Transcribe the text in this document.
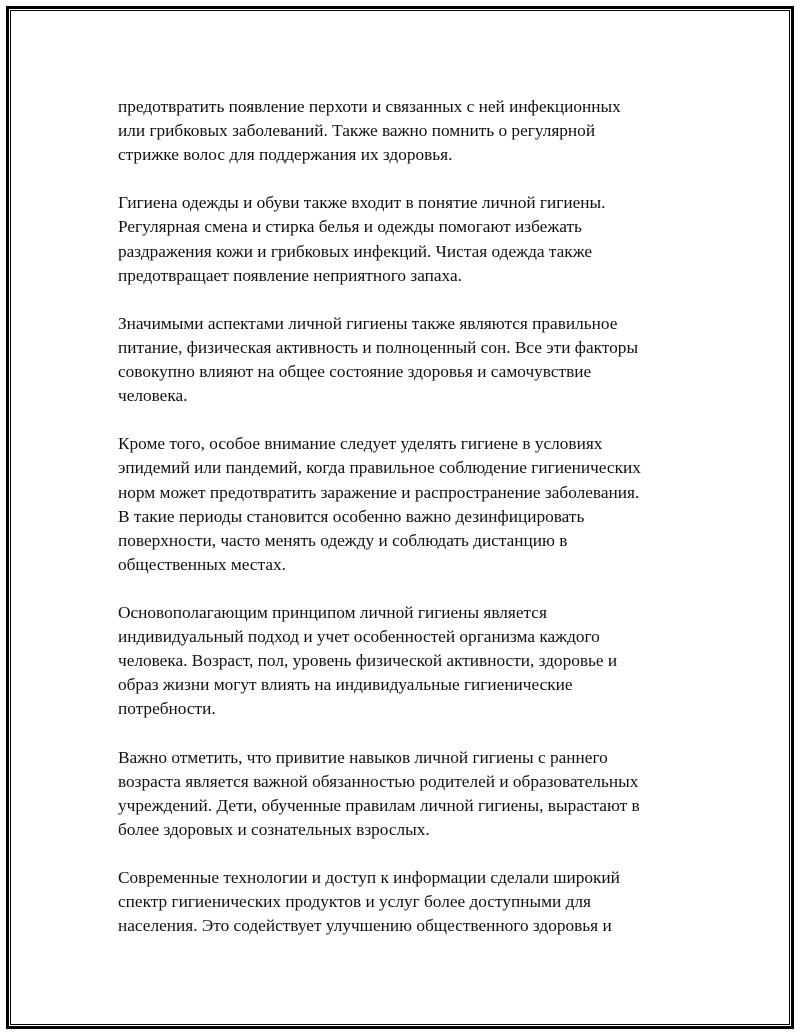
предотвратить появление перхоти и связанных с ней инфекционных
или грибковых заболеваний. Также важно помнить о регулярной
стрижке волос для поддержания их здоровья.

Гигиена одежды и обуви также входит в понятие личной гигиены.
Регулярная смена и стирка белья и одежды помогают избежать
раздражения кожи и грибковых инфекций. Чистая одежда также
предотвращает появление неприятного запаха.

Значимыми аспектами личной гигиены также являются правильное
питание, физическая активность и полноценный сон. Все эти факторы
совокупно влияют на общее состояние здоровья и самочувствие
человека.

Кроме того, особое внимание следует уделять гигиене в условиях
эпидемий или пандемий, когда правильное соблюдение гигиенических
норм может предотвратить заражение и распространение заболевания.
В такие периоды становится особенно важно дезинфицировать
поверхности, часто менять одежду и соблюдать дистанцию в
общественных местах.

Основополагающим принципом личной гигиены является
индивидуальный подход и учет особенностей организма каждого
человека. Возраст, пол, уровень физической активности, здоровье и
образ жизни могут влиять на индивидуальные гигиенические
потребности.

Важно отметить, что привитие навыков личной гигиены с раннего
возраста является важной обязанностью родителей и образовательных
учреждений. Дети, обученные правилам личной гигиены, вырастают в
более здоровых и сознательных взрослых.

Современные технологии и доступ к информации сделали широкий
спектр гигиенических продуктов и услуг более доступными для
населения. Это содействует улучшению общественного здоровья и
